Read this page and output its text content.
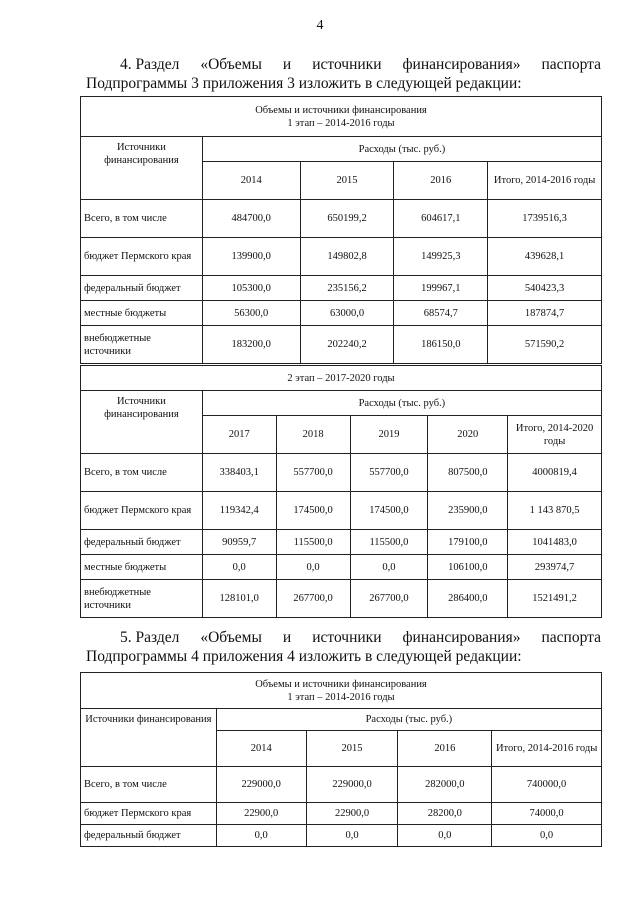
4
4. Раздел «Объемы и источники финансирования» паспорта
Подпрограммы 3 приложения 3 изложить в следующей редакции:
Объемы и источники финансирования
1 этап – 2014-2016 годы				

Источники финансирования	Расходы (тыс. руб.)			
	2014	2015	2016	Итого, 2014-2016 годы
Всего, в том числе	484700,0	650199,2	604617,1	1739516,3
бюджет Пермского края	139900,0	149802,8	149925,3	439628,1
федеральный бюджет	105300,0	235156,2	199967,1	540423,3
местные бюджеты	56300,0	63000,0	68574,7	187874,7
внебюджетные источники	183200,0	202240,2	186150,0	571590,2
2 этап – 2017-2020 годы					
Источники финансирования	Расходы (тыс. руб.)				
	2017	2018	2019	2020	Итого, 2014-2020 годы
Всего, в том числе	338403,1	557700,0	557700,0	807500,0	4000819,4
бюджет Пермского края	119342,4	174500,0	174500,0	235900,0	1 143 870,5
федеральный бюджет	90959,7	115500,0	115500,0	179100,0	1041483,0
местные бюджеты	0,0	0,0	0,0	106100,0	293974,7
внебюджетные источники	128101,0	267700,0	267700,0	286400,0	1521491,2
5. Раздел «Объемы и источники финансирования» паспорта
Подпрограммы 4 приложения 4 изложить в следующей редакции:
Объемы и источники финансирования
1 этап – 2014-2016 годы				

Источники финансирования	Расходы (тыс. руб.)			
	2014	2015	2016	Итого, 2014-2016 годы
Всего, в том числе	229000,0	229000,0	282000,0	740000,0
бюджет Пермского края	22900,0	22900,0	28200,0	74000,0
федеральный бюджет	0,0	0,0	0,0	0,0
